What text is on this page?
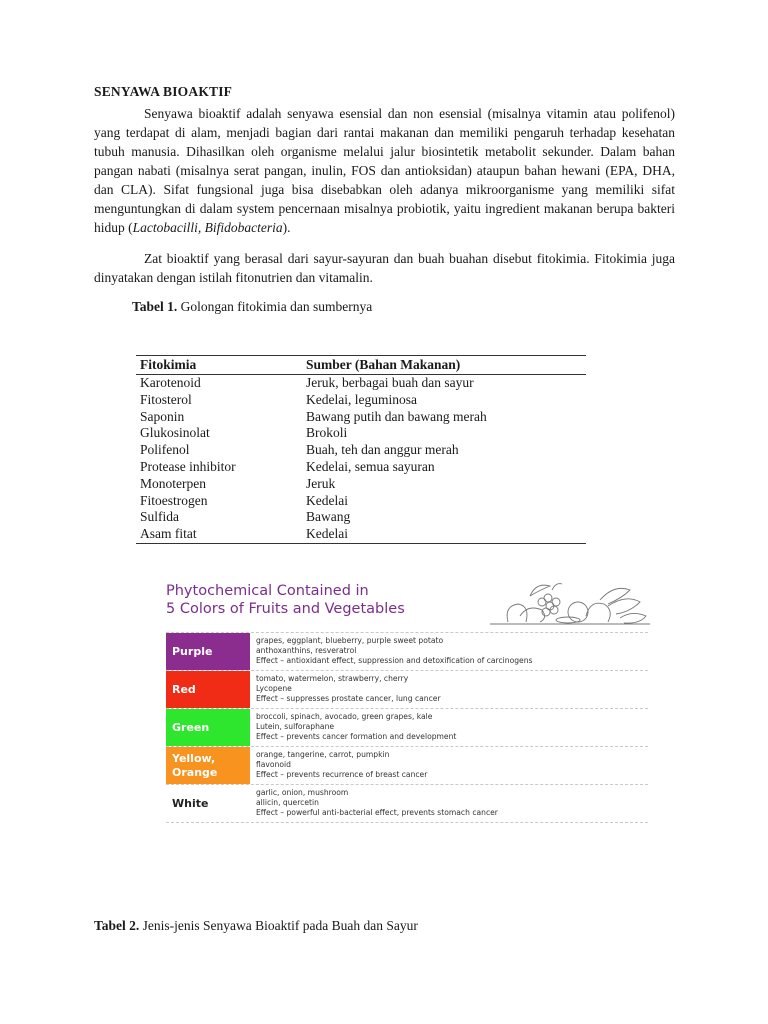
SENYAWA BIOAKTIF

Senyawa bioaktif adalah senyawa esensial dan non esensial (misalnya vitamin atau polifenol) yang terdapat di alam, menjadi bagian dari rantai makanan dan memiliki pengaruh terhadap kesehatan tubuh manusia. Dihasilkan oleh organisme melalui jalur biosintetik metabolit sekunder. Dalam bahan pangan nabati (misalnya serat pangan, inulin, FOS dan antioksidan) ataupun bahan hewani (EPA, DHA, dan CLA). Sifat fungsional juga bisa disebabkan oleh adanya mikroorganisme yang memiliki sifat menguntungkan di dalam system pencernaan misalnya probiotik, yaitu ingredient makanan berupa bakteri hidup (Lactobacilli, Bifidobacteria).

Zat bioaktif yang berasal dari sayur-sayuran dan buah buahan disebut fitokimia. Fitokimia juga dinyatakan dengan istilah fitonutrien dan vitamalin.

Tabel 1. Golongan fitokimia dan sumbernya

Fitokimia	Sumber (Bahan Makanan)
Karotenoid	Jeruk, berbagai buah dan sayur
Fitosterol	Kedelai, leguminosa
Saponin	Bawang putih dan bawang merah
Glukosinolat	Brokoli
Polifenol	Buah, teh dan anggur merah
Protease inhibitor	Kedelai, semua sayuran
Monoterpen	Jeruk
Fitoestrogen	Kedelai
Sulfida	Bawang
Asam fitat	Kedelai
Phytochemical Contained in
5 Colors of Fruits and Vegetables
Purple
grapes, eggplant, blueberry, purple sweet potato
anthoxanthins, resveratrol
Effect – antioxidant effect, suppression and detoxification of carcinogens
Red
tomato, watermelon, strawberry, cherry
Lycopene
Effect – suppresses prostate cancer, lung cancer
Green
broccoli, spinach, avocado, green grapes, kale
Lutein, sulforaphane
Effect – prevents cancer formation and development
Yellow,
Orange
orange, tangerine, carrot, pumpkin
flavonoid
Effect – prevents recurrence of breast cancer
White
garlic, onion, mushroom
allicin, quercetin
Effect – powerful anti-bacterial effect, prevents stomach cancer

Tabel 2. Jenis-jenis Senyawa Bioaktif pada Buah dan Sayur
